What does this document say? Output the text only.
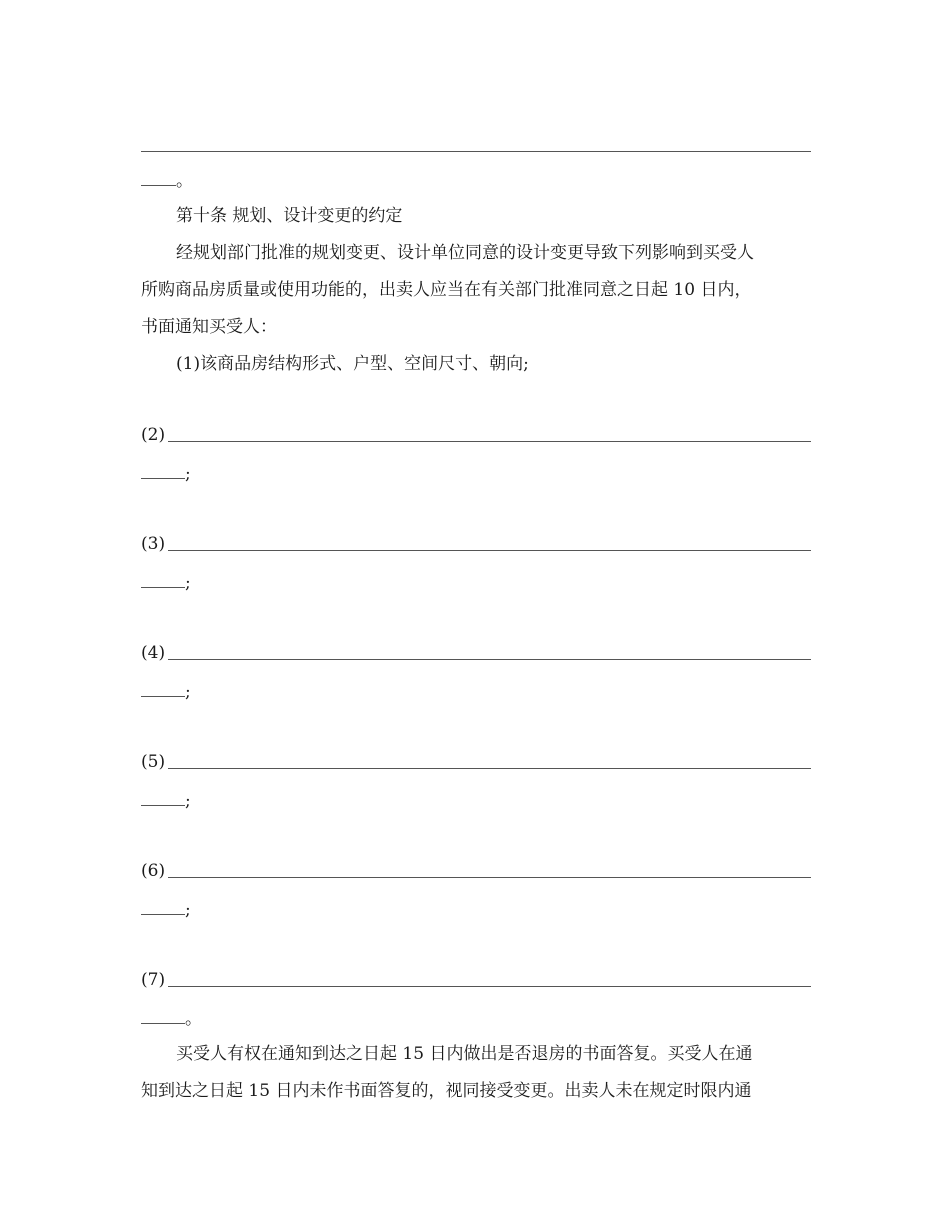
。
第十条 规划、设计变更的约定
经规划部门批准的规划变更、设计单位同意的设计变更导致下列影响到买受人
所购商品房质量或使用功能的，出卖人应当在有关部门批准同意之日起 10 日内，
书面通知买受人：
(1)该商品房结构形式、户型、空间尺寸、朝向;
(2)
;
(3)
;
(4)
;
(5)
;
(6)
;
(7)
。
买受人有权在通知到达之日起 15 日内做出是否退房的书面答复。买受人在通
知到达之日起 15 日内未作书面答复的，视同接受变更。出卖人未在规定时限内通
